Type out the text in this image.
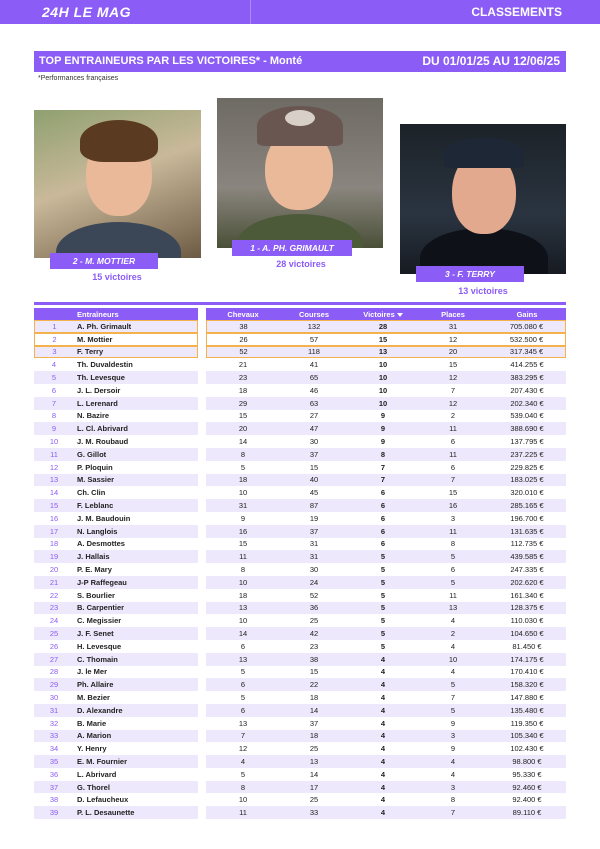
24H LE MAG	CLASSEMENTS
TOP ENTRAINEURS PAR LES VICTOIRES* - Monté	DU 01/01/25 AU 12/06/25
*Performances françaises
2 - M. MOTTIER
15 victoires
1 - A. PH. GRIMAULT
28 victoires
3 - F. TERRY
13 victoires
	Entraîneurs		Chevaux	Courses	Victoires	Places	Gains
1	A. Ph. Grimault		38	132	28	31	705.080 €
2	M. Mottier		26	57	15	12	532.500 €
3	F. Terry		52	118	13	20	317.345 €
4	Th. Duvaldestin		21	41	10	15	414.255 €
5	Th. Levesque		23	65	10	12	383.295 €
6	J. L. Dersoir		18	46	10	7	207.430 €
7	L. Lerenard		29	63	10	12	202.340 €
8	N. Bazire		15	27	9	2	539.040 €
9	L. Cl. Abrivard		20	47	9	11	388.690 €
10	J. M. Roubaud		14	30	9	6	137.795 €
11	G. Gillot		8	37	8	11	237.225 €
12	P. Ploquin		5	15	7	6	229.825 €
13	M. Sassier		18	40	7	7	183.025 €
14	Ch. Clin		10	45	6	15	320.010 €
15	F. Leblanc		31	87	6	16	285.165 €
16	J. M. Baudouin		9	19	6	3	196.700 €
17	N. Langlois		16	37	6	11	131.635 €
18	A. Desmottes		15	31	6	8	112.735 €
19	J. Hallais		11	31	5	5	439.585 €
20	P. E. Mary		8	30	5	6	247.335 €
21	J-P Raffegeau		10	24	5	5	202.620 €
22	S. Bourlier		18	52	5	11	161.340 €
23	B. Carpentier		13	36	5	13	128.375 €
24	C. Megissier		10	25	5	4	110.030 €
25	J. F. Senet		14	42	5	2	104.650 €
26	H. Levesque		6	23	5	4	81.450 €
27	C. Thomain		13	38	4	10	174.175 €
28	J. le Mer		5	15	4	4	170.410 €
29	Ph. Allaire		6	22	4	5	158.320 €
30	M. Bezier		5	18	4	7	147.880 €
31	D. Alexandre		6	14	4	5	135.480 €
32	B. Marie		13	37	4	9	119.350 €
33	A. Marion		7	18	4	3	105.340 €
34	Y. Henry		12	25	4	9	102.430 €
35	E. M. Fournier		4	13	4	4	98.800 €
36	L. Abrivard		5	14	4	4	95.330 €
37	G. Thorel		8	17	4	3	92.460 €
38	D. Lefaucheux		10	25	4	8	92.400 €
39	P. L. Desaunette		11	33	4	7	89.110 €
